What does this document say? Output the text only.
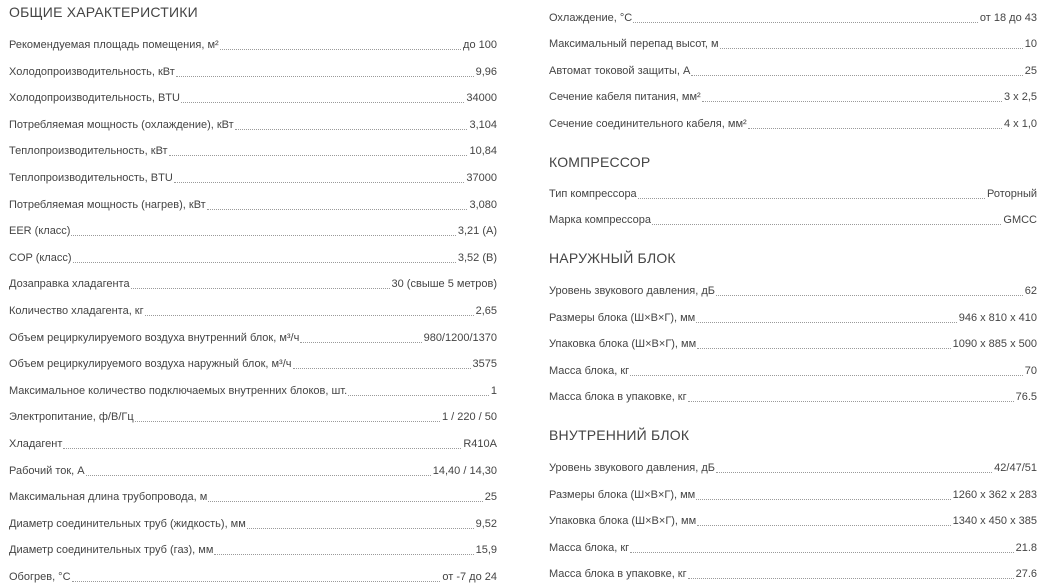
ОБЩИЕ ХАРАКТЕРИСТИКИ
Рекомендуемая площадь помещения, м²	до 100
Холодопроизводительность, кВт	9,96
Холодопроизводительность, BTU	34000
Потребляемая мощность (охлаждение), кВт	3,104
Теплопроизводительность, кВт	10,84
Теплопроизводительность, BTU	37000
Потребляемая мощность (нагрев), кВт	3,080
EER (класс)	3,21 (A)
COP (класс)	3,52 (B)
Дозаправка хладагента	30 (свыше 5 метров)
Количество хладагента, кг	2,65
Объем рециркулируемого воздуха внутренний блок, м³/ч	980/1200/1370
Объем рециркулируемого воздуха наружный блок, м³/ч	3575
Максимальное количество подключаемых внутренних блоков, шт.	1
Электропитание, ф/В/Гц	1 / 220 / 50
Хладагент	R410A
Рабочий ток, А	14,40 / 14,30
Максимальная длина трубопровода, м	25
Диаметр соединительных труб (жидкость), мм	9,52
Диаметр соединительных труб (газ), мм	15,9
Обогрев, °С	от -7 до 24
Охлаждение, °С	от 18 до 43
Максимальный перепад высот, м	10
Автомат токовой защиты, А	25
Сечение кабеля питания, мм²	3 x 2,5
Сечение соединительного кабеля, мм²	4 x 1,0
КОМПРЕССОР
Тип компрессора	Роторный
Марка компрессора	GMCC
НАРУЖНЫЙ БЛОК
Уровень звукового давления, дБ	62
Размеры блока (Ш×В×Г), мм	946 x 810 x 410
Упаковка блока (Ш×В×Г), мм	1090 x 885 x 500
Масса блока, кг	70
Масса блока в упаковке, кг	76.5
ВНУТРЕННИЙ БЛОК
Уровень звукового давления, дБ	42/47/51
Размеры блока (Ш×В×Г), мм	1260 x 362 x 283
Упаковка блока (Ш×В×Г), мм	1340 x 450 x 385
Масса блока, кг	21.8
Масса блока в упаковке, кг	27.6
